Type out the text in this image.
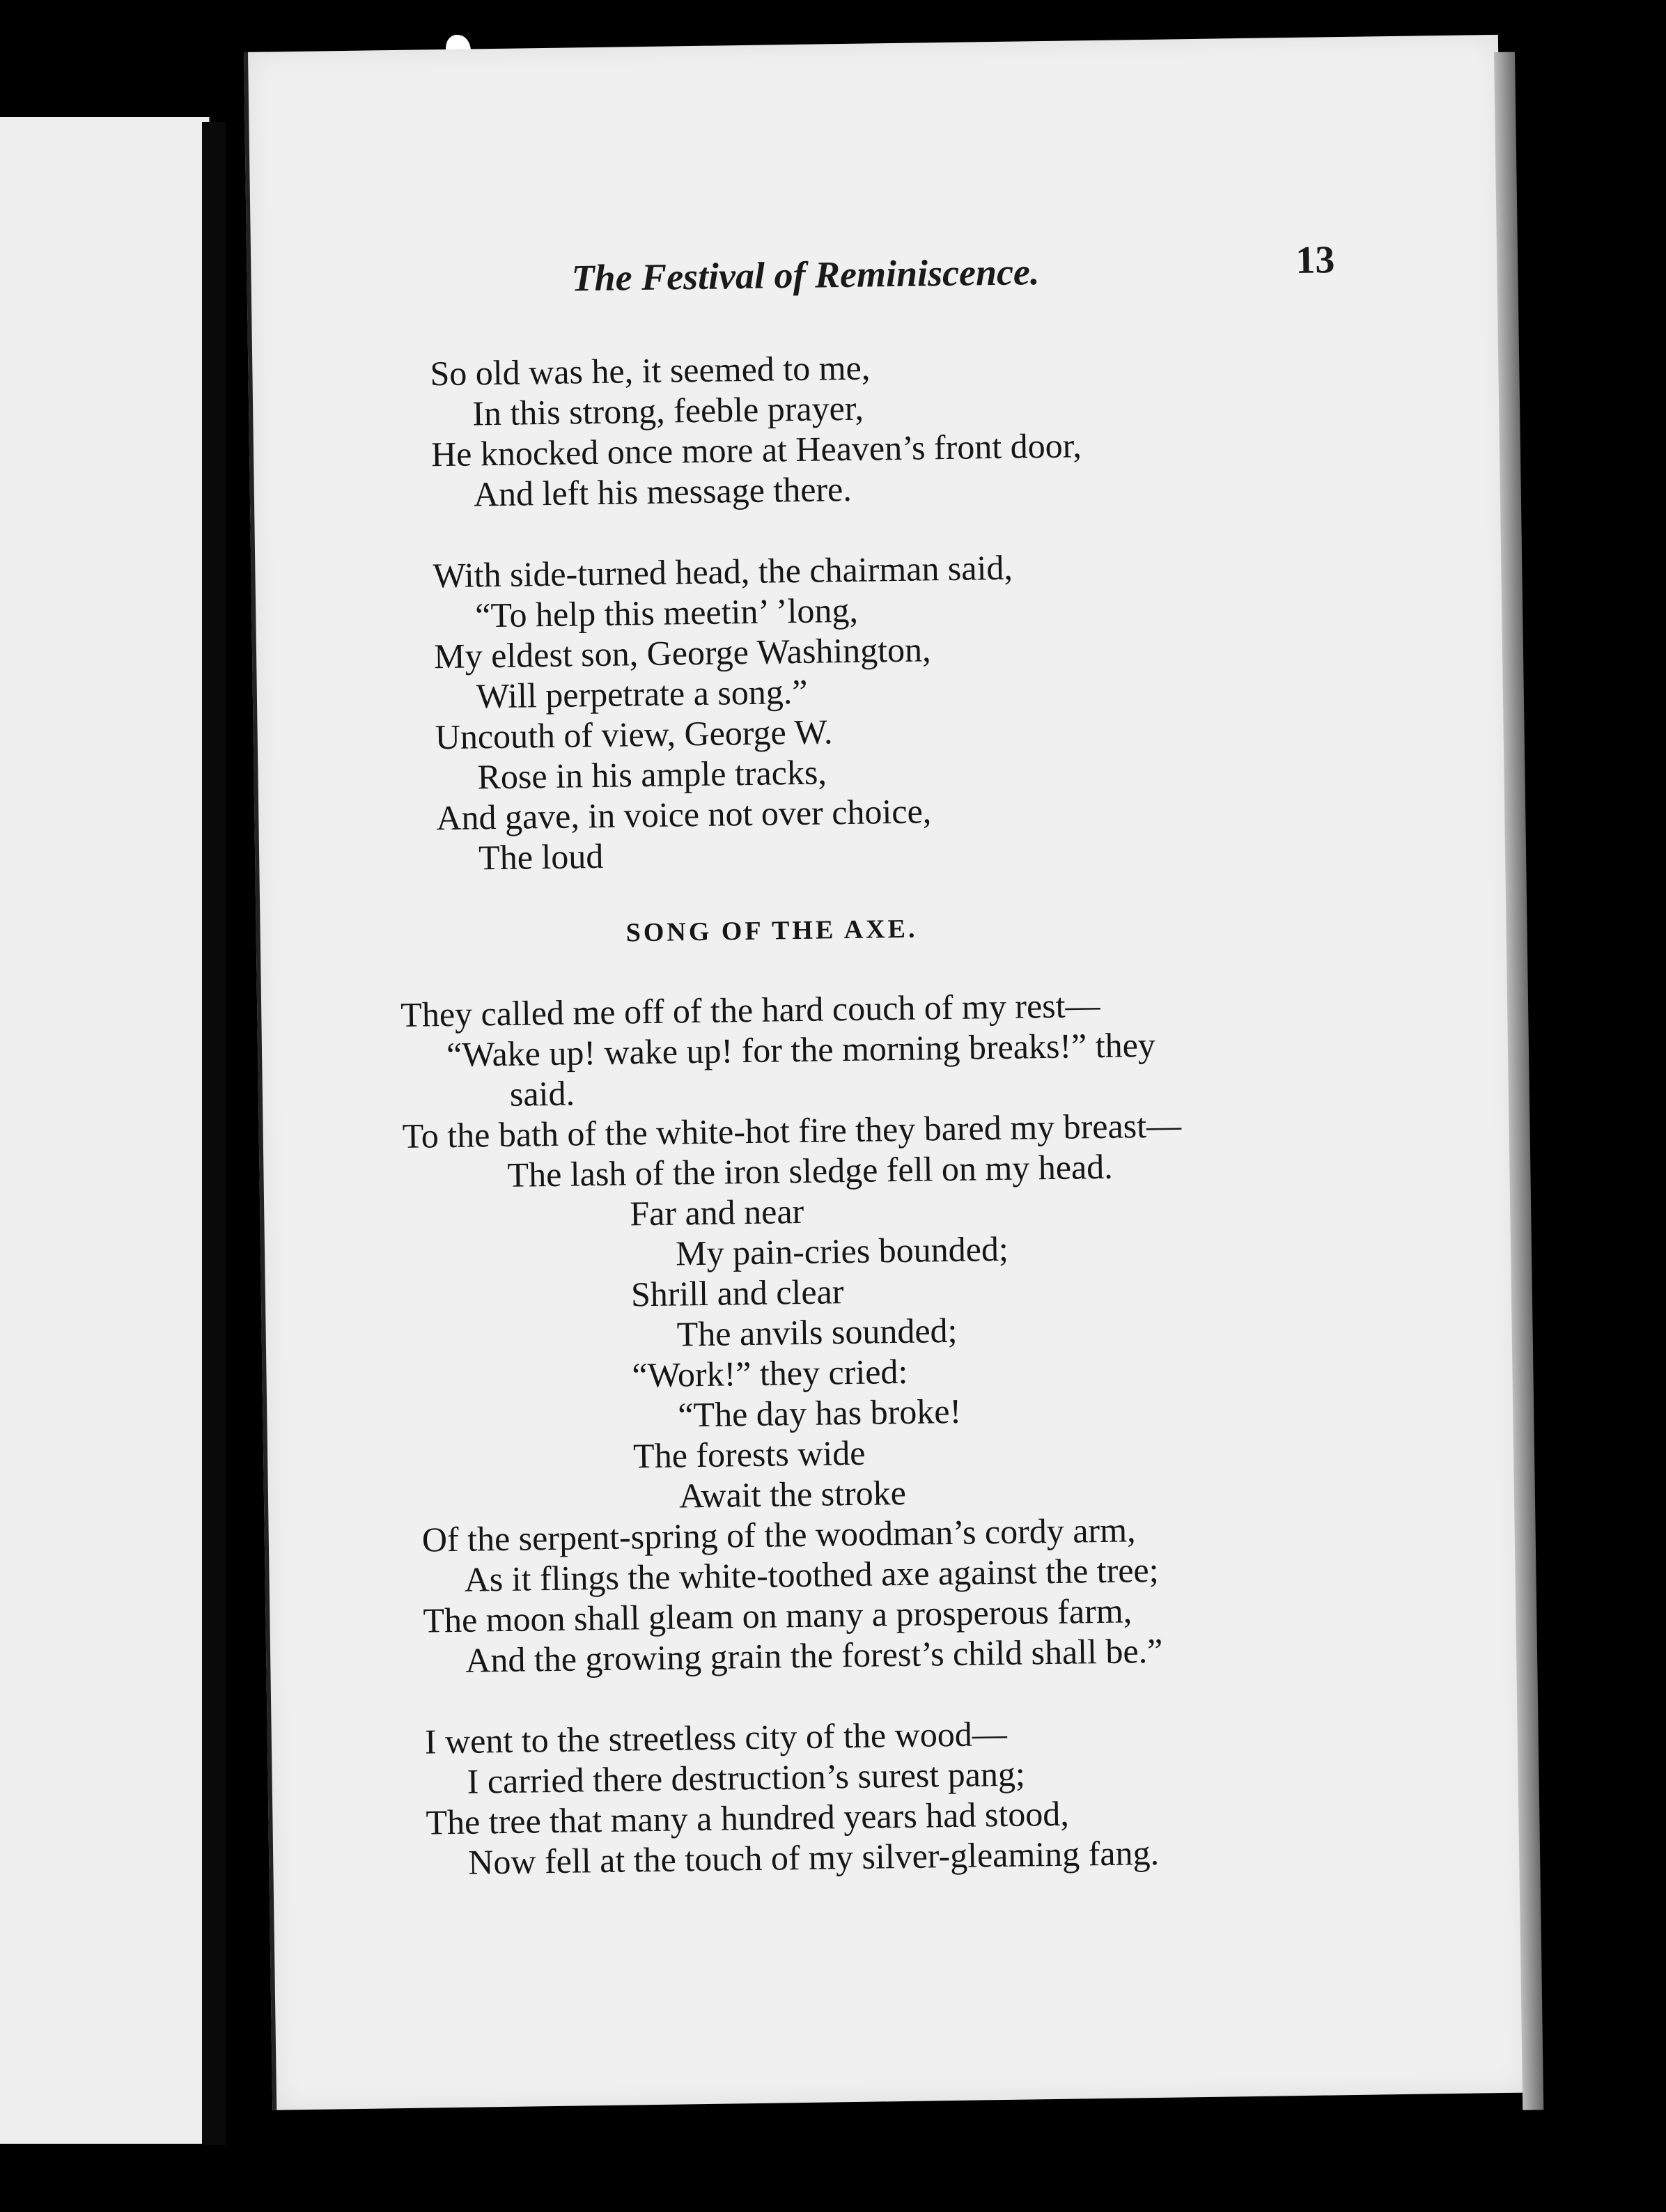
The Festival of Reminiscence.	13
So old was he, it seemed to me,
In this strong, feeble prayer,
He knocked once more at Heaven’s front door,
And left his message there.
With side-turned head, the chairman said,
“To help this meetin’ ’long,
My eldest son, George Washington,
Will perpetrate a song.”
Uncouth of view, George W.
Rose in his ample tracks,
And gave, in voice not over choice,
The loud
SONG OF THE AXE.
They called me off of the hard couch of my rest—
“Wake up! wake up! for the morning breaks!” they
said.
To the bath of the white-hot fire they bared my breast—
The lash of the iron sledge fell on my head.
Far and near
My pain-cries bounded;
Shrill and clear
The anvils sounded;
“Work!” they cried:
“The day has broke!
The forests wide
Await the stroke
Of the serpent-spring of the woodman’s cordy arm,
As it flings the white-toothed axe against the tree;
The moon shall gleam on many a prosperous farm,
And the growing grain the forest’s child shall be.”
I went to the streetless city of the wood—
I carried there destruction’s surest pang;
The tree that many a hundred years had stood,
Now fell at the touch of my silver-gleaming fang.
